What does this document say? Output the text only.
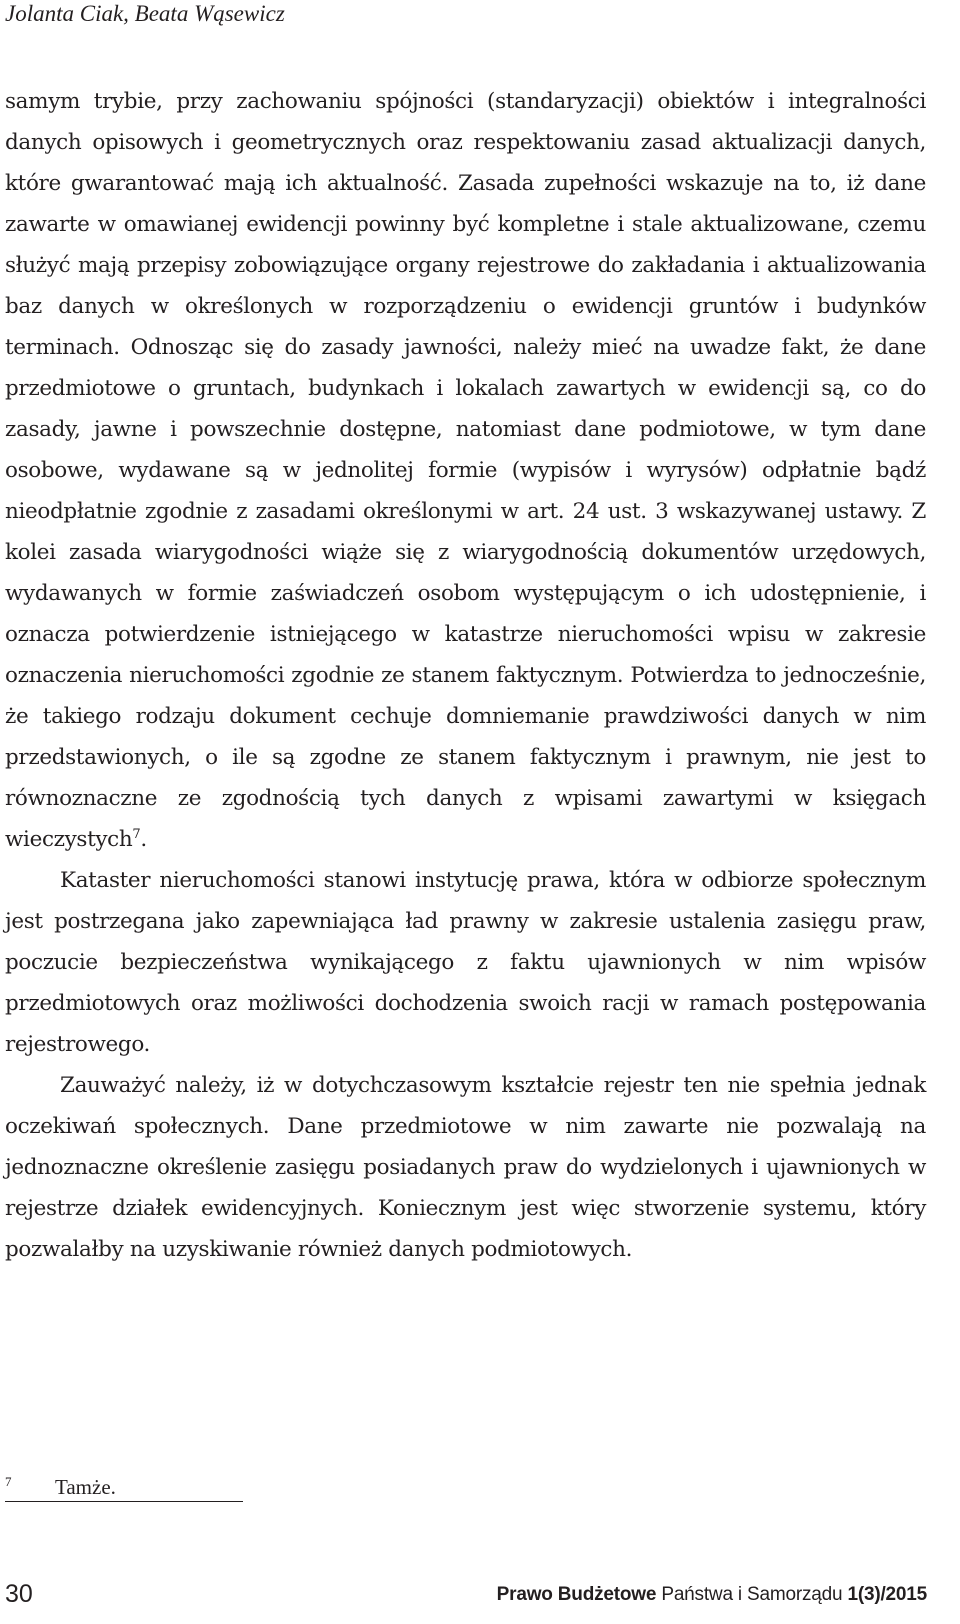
Jolanta Ciak, Beata Wąsewicz

samym trybie, przy zachowaniu spójności (standaryzacji) obiektów i integralności danych opisowych i geometrycznych oraz respektowaniu zasad aktualizacji danych, które gwarantować mają ich aktualność. Zasada zupełności wskazuje na to, iż dane zawarte w omawianej ewidencji powinny być kompletne i stale aktualizowane, czemu służyć mają przepisy zobowiązujące organy rejestrowe do zakładania i aktualizowania baz danych w określonych w rozporządzeniu o ewidencji gruntów i budynków terminach. Odnosząc się do zasady jawności, należy mieć na uwadze fakt, że dane przedmiotowe o gruntach, budynkach i lokalach zawartych w ewidencji są, co do zasady, jawne i powszechnie dostępne, natomiast dane podmiotowe, w tym dane osobowe, wydawane są w jednolitej formie (wypisów i wyrysów) odpłatnie bądź nieodpłatnie zgodnie z zasadami określonymi w art. 24 ust. 3 wskazywanej ustawy. Z kolei zasada wiarygodności wiąże się z wiarygodnością dokumentów urzędowych, wydawanych w formie zaświadczeń osobom występującym o ich udostępnienie, i oznacza potwierdzenie istniejącego w katastrze nieruchomości wpisu w zakresie oznaczenia nieruchomości zgodnie ze stanem faktycznym. Potwierdza to jednocześnie, że takiego rodzaju dokument cechuje domniemanie prawdziwości danych w nim przedstawionych, o ile są zgodne ze stanem faktycznym i prawnym, nie jest to równoznaczne ze zgodnością tych danych z wpisami zawartymi w księgach wieczystych$^7$.

Kataster nieruchomości stanowi instytucję prawa, która w odbiorze społecznym jest postrzegana jako zapewniająca ład prawny w zakresie ustalenia zasięgu praw, poczucie bezpieczeństwa wynikającego z faktu ujawnionych w nim wpisów przedmiotowych oraz możliwości dochodzenia swoich racji w ramach postępowania rejestrowego.

Zauważyć należy, iż w dotychczasowym kształcie rejestr ten nie spełnia jednak oczekiwań społecznych. Dane przedmiotowe w nim zawarte nie pozwalają na jednoznaczne określenie zasięgu posiadanych praw do wydzielonych i ujawnionych w rejestrze działek ewidencyjnych. Koniecznym jest więc stworzenie systemu, który pozwalałby na uzyskiwanie również danych podmiotowych.

7 Tamże.
30	Prawo Budżetowe Państwa i Samorządu 1(3)/2015
